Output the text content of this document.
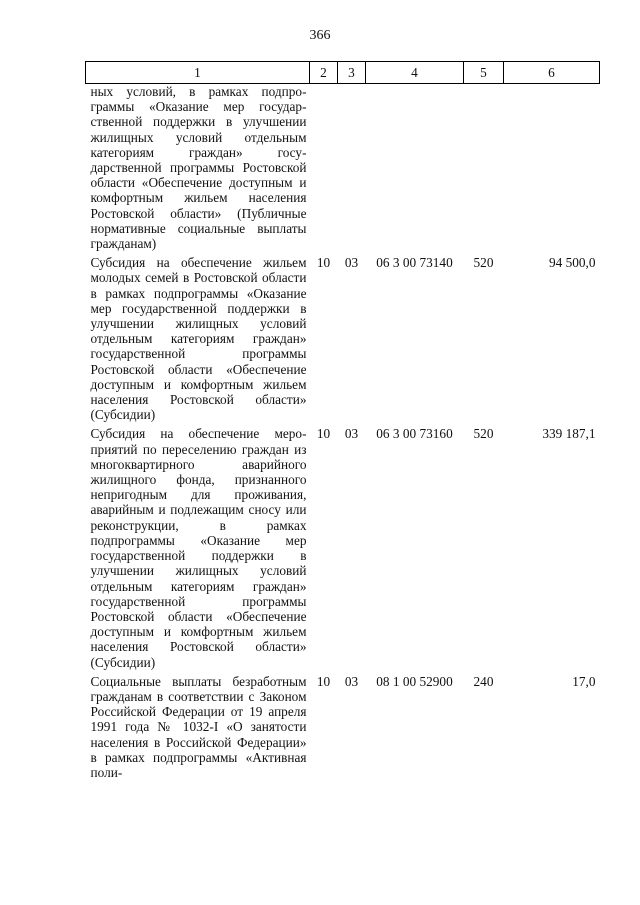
366
1	2	3	4	5	6
ных условий, в рамках подпрограммы «Оказание мер государственной поддержки в улучшении жилищных условий отдельным категориям граждан» государственной программы Ростовской области «Обеспечение доступным и комфортным жильем населения Ростовской области» (Публичные нормативные социальные выплаты гражданам)					
Субсидия на обеспечение жильем молодых семей в Ростовской области в рамках подпрограммы «Оказание мер государственной поддержки в улучшении жилищных условий отдельным категориям граждан» государственной программы Ростовской области «Обеспечение доступным и комфортным жильем населения Ростовской области» (Субсидии)	10	03	06 3 00 73140	520	94 500,0
Субсидия на обеспечение мероприятий по переселению граждан из многоквартирного аварийного жилищного фонда, признанного непригодным для проживания, аварийным и подлежащим сносу или реконструкции, в рамках подпрограммы «Оказание мер государственной поддержки в улучшении жилищных условий отдельным категориям граждан» государственной программы Ростовской области «Обеспечение доступным и комфортным жильем населения Ростовской области» (Субсидии)	10	03	06 3 00 73160	520	339 187,1
Социальные выплаты безработным гражданам в соответствии с Законом Российской Федерации от 19 апреля 1991 года № 1032-I «О занятости населения в Российской Федерации» в рамках подпрограммы «Активная поли-	10	03	08 1 00 52900	240	17,0
